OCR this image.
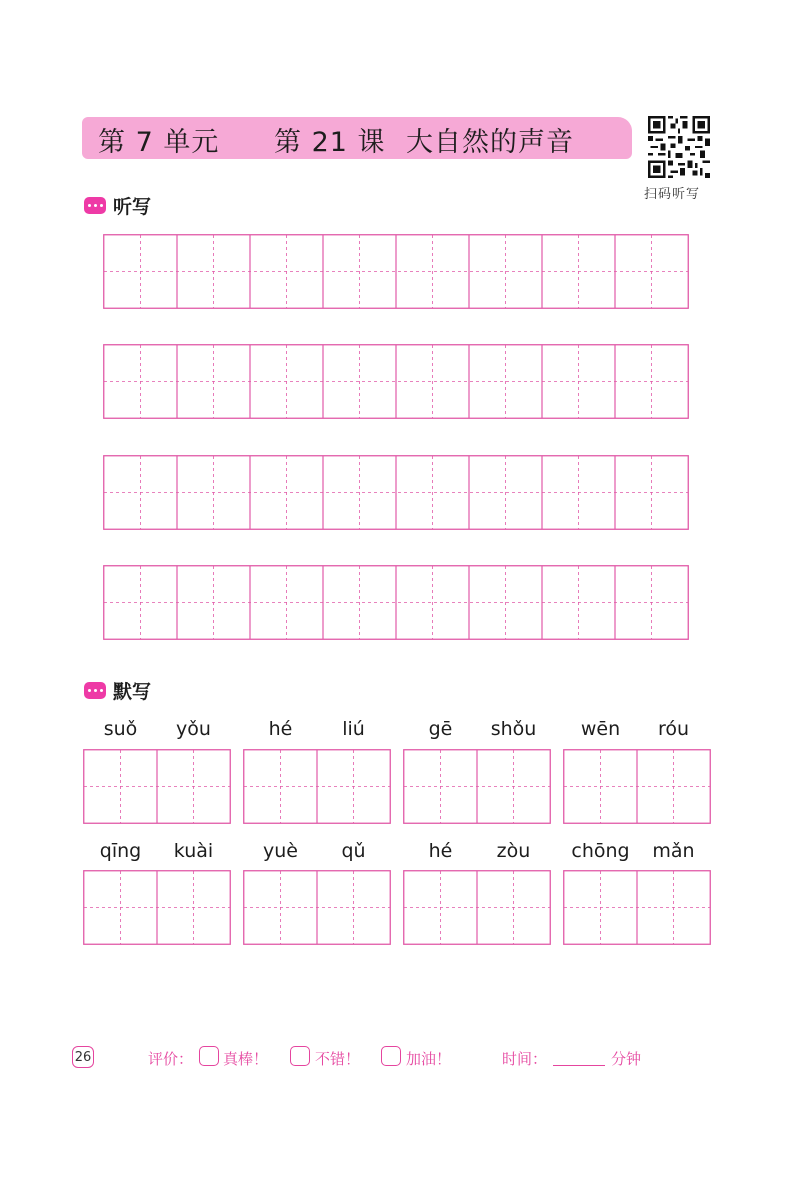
第 7 单元 第 21 课 大自然的声音
扫码听写
听写
默写
suǒ yǒu	hé	liú	gē shǒu wēn róu
qīng kuài	yuè qǔ	hé zòu chōng mǎn
26	评价： 真棒！	不错！	加油！	时间：	分钟
